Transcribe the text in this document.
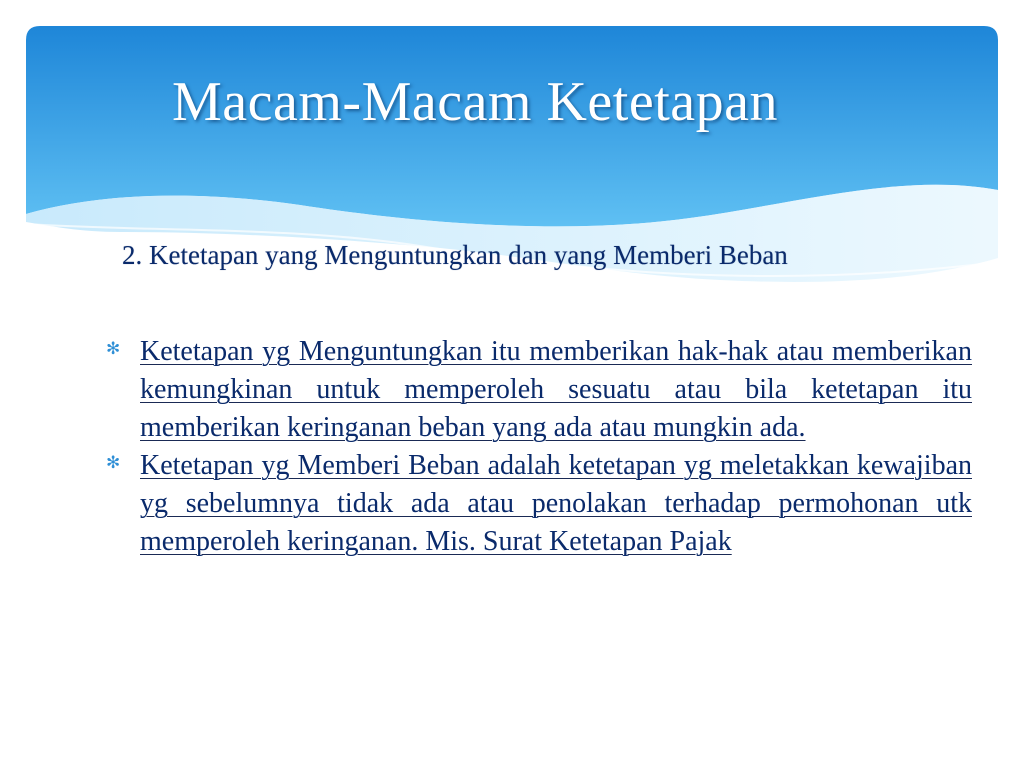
Macam-Macam Ketetapan
2. Ketetapan yang Menguntungkan dan yang Memberi Beban
✻ Ketetapan yg Menguntungkan itu memberikan hak-hak atau memberikan kemungkinan untuk memperoleh sesuatu atau bila ketetapan itu memberikan keringanan beban yang ada atau mungkin ada.
✻ Ketetapan yg Memberi Beban adalah ketetapan yg meletakkan kewajiban yg sebelumnya tidak ada atau penolakan terhadap permohonan utk memperoleh keringanan. Mis. Surat Ketetapan Pajak
